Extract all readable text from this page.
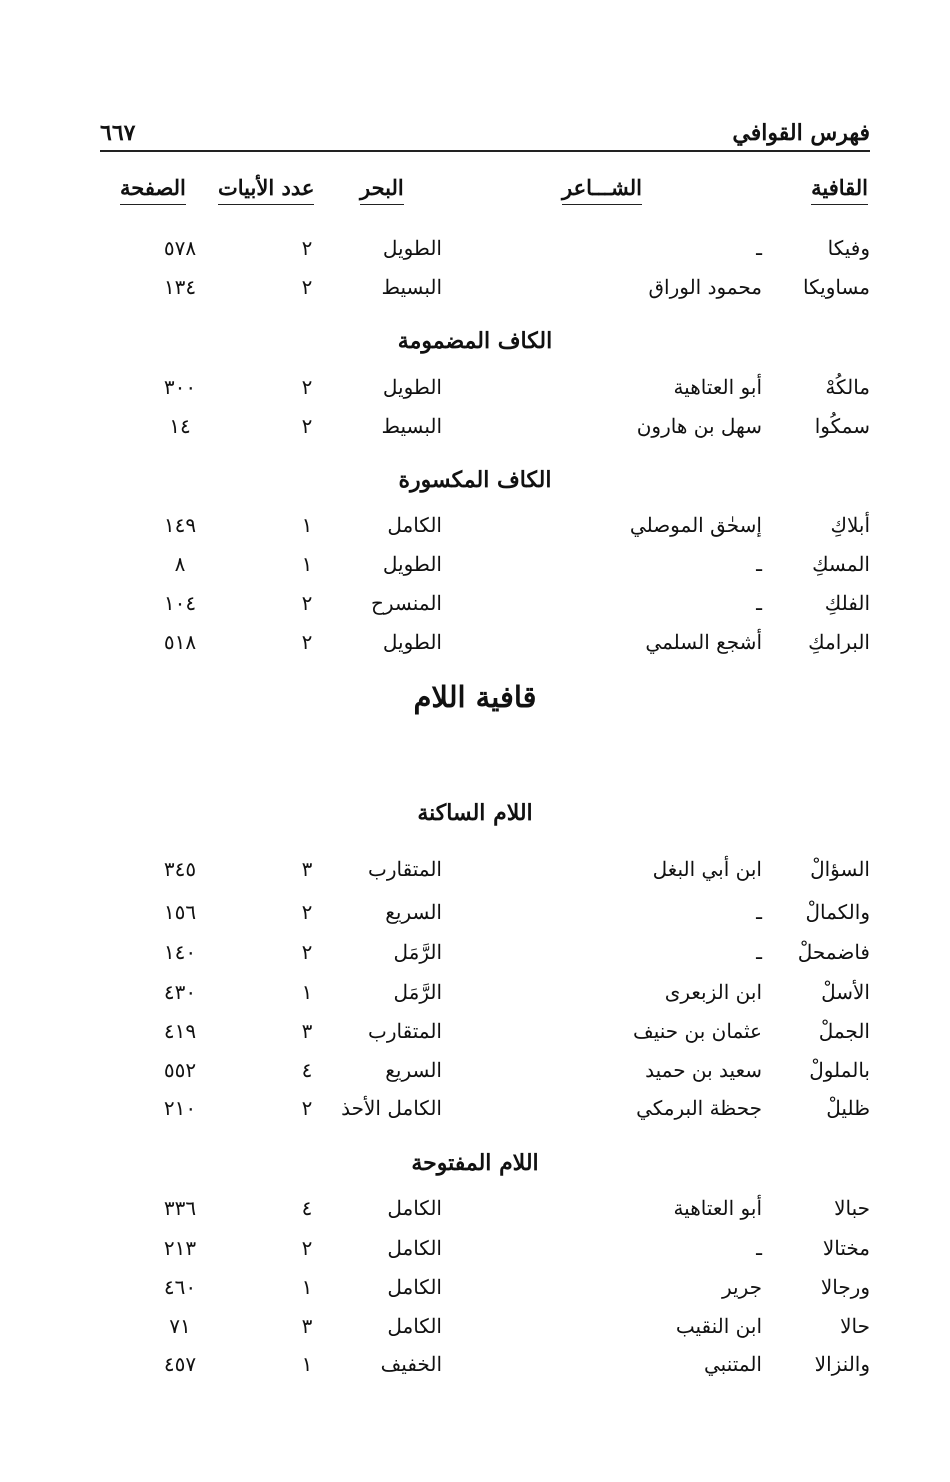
فهرس القوافي
٦٦٧
القافية
الشـــاعر
البحر
عدد الأبيات
الصفحة
وفيكا
ـ
الطويل
٢
٥٧٨
مساويكا
محمود الوراق
البسيط
٢
١٣٤
الكاف المضمومة
مالكُهْ
أبو العتاهية
الطويل
٢
٣٠٠
سمكُوا
سهل بن هارون
البسيط
٢
١٤
الكاف المكسورة
أبلاكِ
إسحٰق الموصلي
الكامل
١
١٤٩
المسكِ
ـ
الطويل
١
٨
الفلكِ
ـ
المنسرح
٢
١٠٤
البرامكِ
أشجع السلمي
الطويل
٢
٥١٨
قافية اللام
اللام الساكنة
السؤالْ
ابن أبي البغل
المتقارب
٣
٣٤٥
والكمالْ
ـ
السريع
٢
١٥٦
فاضمحلْ
ـ
الرَّمَل
٢
١٤٠
الأسلْ
ابن الزبعرى
الرَّمَل
١
٤٣٠
الجملْ
عثمان بن حنيف
المتقارب
٣
٤١٩
بالملولْ
سعيد بن حميد
السريع
٤
٥٥٢
ظليلْ
جحظة البرمكي
الكامل الأحذ
٢
٢١٠
اللام المفتوحة
حبالا
أبو العتاهية
الكامل
٤
٣٣٦
مختالا
ـ
الكامل
٢
٢١٣
ورجالا
جرير
الكامل
١
٤٦٠
حالا
ابن النقيب
الكامل
٣
٧١
والنزالا
المتنبي
الخفيف
١
٤٥٧
